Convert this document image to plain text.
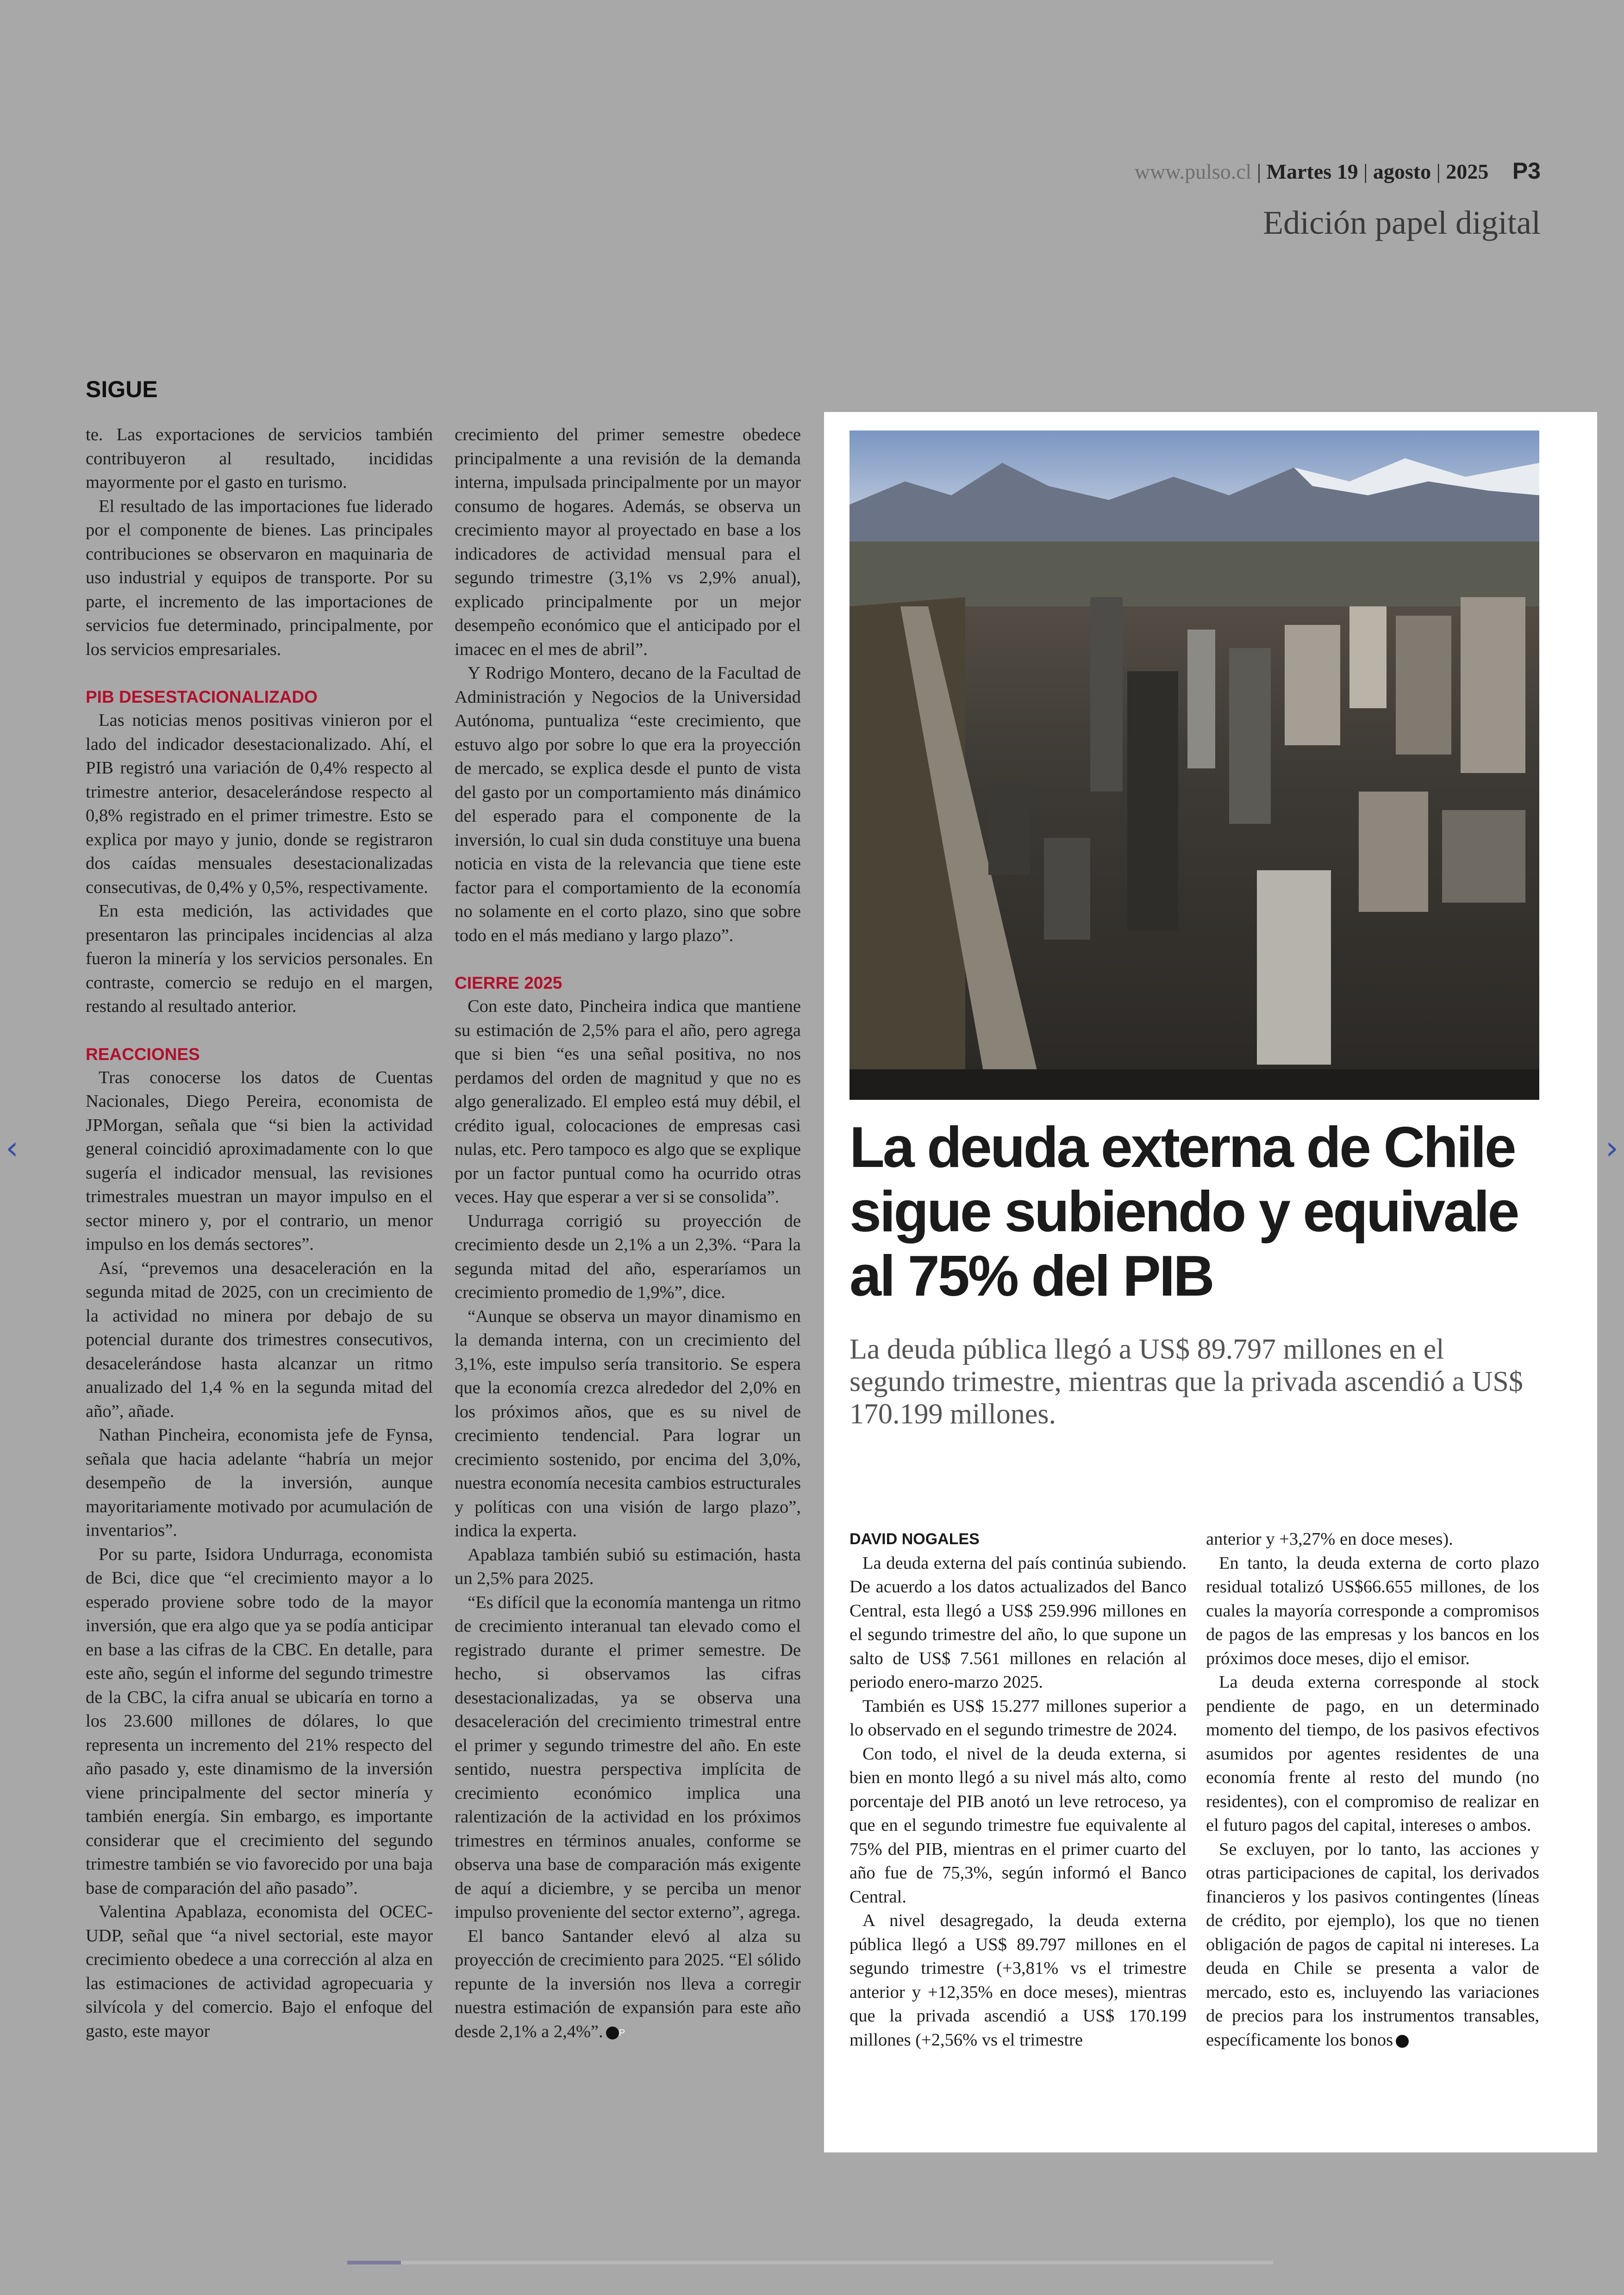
www.pulso.cl | Martes 19 | agosto | 2025 P3
Edición papel digital
SIGUE

te. Las exportaciones de servicios también contribuyeron al resultado, incididas mayormente por el gasto en turismo.

El resultado de las importaciones fue liderado por el componente de bienes. Las principales contribuciones se observaron en maquinaria de uso industrial y equipos de transporte. Por su parte, el incremento de las importaciones de servicios fue determinado, principalmente, por los servicios empresariales.

PIB DESESTACIONALIZADO

Las noticias menos positivas vinieron por el lado del indicador desestacionalizado. Ahí, el PIB registró una variación de 0,4% respecto al trimestre anterior, desacelerándose respecto al 0,8% registrado en el primer trimestre. Esto se explica por mayo y junio, donde se registraron dos caídas mensuales desestacionalizadas consecutivas, de 0,4% y 0,5%, respectivamente.

En esta medición, las actividades que presentaron las principales incidencias al alza fueron la minería y los servicios personales. En contraste, comercio se redujo en el margen, restando al resultado anterior.

REACCIONES

Tras conocerse los datos de Cuentas Nacionales, Diego Pereira, economista de JPMorgan, señala que “si bien la actividad general coincidió aproximadamente con lo que sugería el indicador mensual, las revisiones trimestrales muestran un mayor impulso en el sector minero y, por el contrario, un menor impulso en los demás sectores”.

Así, “prevemos una desaceleración en la segunda mitad de 2025, con un crecimiento de la actividad no minera por debajo de su potencial durante dos trimestres consecutivos, desacelerándose hasta alcanzar un ritmo anualizado del 1,4 % en la segunda mitad del año”, añade.

Nathan Pincheira, economista jefe de Fynsa, señala que hacia adelante “habría un mejor desempeño de la inversión, aunque mayoritariamente motivado por acumulación de inventarios”.

Por su parte, Isidora Undurraga, economista de Bci, dice que “el crecimiento mayor a lo esperado proviene sobre todo de la mayor inversión, que era algo que ya se podía anticipar en base a las cifras de la CBC. En detalle, para este año, según el informe del segundo trimestre de la CBC, la cifra anual se ubicaría en torno a los 23.600 millones de dólares, lo que representa un incremento del 21% respecto del año pasado y, este dinamismo de la inversión viene principalmente del sector minería y también energía. Sin embargo, es importante considerar que el crecimiento del segundo trimestre también se vio favorecido por una baja base de comparación del año pasado”.

Valentina Apablaza, economista del OCEC-UDP, señal que “a nivel sectorial, este mayor crecimiento obedece a una corrección al alza en las estimaciones de actividad agropecuaria y silvícola y del comercio. Bajo el enfoque del gasto, este mayor

crecimiento del primer semestre obedece principalmente a una revisión de la demanda interna, impulsada principalmente por un mayor consumo de hogares. Además, se observa un crecimiento mayor al proyectado en base a los indicadores de actividad mensual para el segundo trimestre (3,1% vs 2,9% anual), explicado principalmente por un mejor desempeño económico que el anticipado por el imacec en el mes de abril”.

Y Rodrigo Montero, decano de la Facultad de Administración y Negocios de la Universidad Autónoma, puntualiza “este crecimiento, que estuvo algo por sobre lo que era la proyección de mercado, se explica desde el punto de vista del gasto por un comportamiento más dinámico del esperado para el componente de la inversión, lo cual sin duda constituye una buena noticia en vista de la relevancia que tiene este factor para el comportamiento de la economía no solamente en el corto plazo, sino que sobre todo en el más mediano y largo plazo”.

CIERRE 2025

Con este dato, Pincheira indica que mantiene su estimación de 2,5% para el año, pero agrega que si bien “es una señal positiva, no nos perdamos del orden de magnitud y que no es algo generalizado. El empleo está muy débil, el crédito igual, colocaciones de empresas casi nulas, etc. Pero tampoco es algo que se explique por un factor puntual como ha ocurrido otras veces. Hay que esperar a ver si se consolida”.

Undurraga corrigió su proyección de crecimiento desde un 2,1% a un 2,3%. “Para la segunda mitad del año, esperaríamos un crecimiento promedio de 1,9%”, dice.

“Aunque se observa un mayor dinamismo en la demanda interna, con un crecimiento del 3,1%, este impulso sería transitorio. Se espera que la economía crezca alrededor del 2,0% en los próximos años, que es su nivel de crecimiento tendencial. Para lograr un crecimiento sostenido, por encima del 3,0%, nuestra economía necesita cambios estructurales y políticas con una visión de largo plazo”, indica la experta.

Apablaza también subió su estimación, hasta un 2,5% para 2025.

“Es difícil que la economía mantenga un ritmo de crecimiento interanual tan elevado como el registrado durante el primer semestre. De hecho, si observamos las cifras desestacionalizadas, ya se observa una desaceleración del crecimiento trimestral entre el primer y segundo trimestre del año. En este sentido, nuestra perspectiva implícita de crecimiento económico implica una ralentización de la actividad en los próximos trimestres en términos anuales, conforme se observa una base de comparación más exigente de aquí a diciembre, y se perciba un menor impulso proveniente del sector externo”, agrega.

El banco Santander elevó al alza su proyección de crecimiento para 2025. “El sólido repunte de la inversión nos lleva a corregir nuestra estimación de expansión para este año desde 2,1% a 2,4%”. P

La deuda externa de Chile sigue subiendo y equivale al 75% del PIB

La deuda pública llegó a US$ 89.797 millones en el segundo trimestre, mientras que la privada ascendió a US$ 170.199 millones.

DAVID NOGALES

La deuda externa del país continúa subiendo. De acuerdo a los datos actualizados del Banco Central, esta llegó a US$ 259.996 millones en el segundo trimestre del año, lo que supone un salto de US$ 7.561 millones en relación al periodo enero-marzo 2025.

También es US$ 15.277 millones superior a lo observado en el segundo trimestre de 2024.

Con todo, el nivel de la deuda externa, si bien en monto llegó a su nivel más alto, como porcentaje del PIB anotó un leve retroceso, ya que en el segundo trimestre fue equivalente al 75% del PIB, mientras en el primer cuarto del año fue de 75,3%, según informó el Banco Central.

A nivel desagregado, la deuda externa pública llegó a US$ 89.797 millones en el segundo trimestre (+3,81% vs el trimestre anterior y +12,35% en doce meses), mientras que la privada ascendió a US$ 170.199 millones (+2,56% vs el trimestre

anterior y +3,27% en doce meses).

En tanto, la deuda externa de corto plazo residual totalizó US$66.655 millones, de los cuales la mayoría corresponde a compromisos de pagos de las empresas y los bancos en los próximos doce meses, dijo el emisor.

La deuda externa corresponde al stock pendiente de pago, en un determinado momento del tiempo, de los pasivos efectivos asumidos por agentes residentes de una economía frente al resto del mundo (no residentes), con el compromiso de realizar en el futuro pagos del capital, intereses o ambos.

Se excluyen, por lo tanto, las acciones y otras participaciones de capital, los derivados financieros y los pasivos contingentes (líneas de crédito, por ejemplo), los que no tienen obligación de pagos de capital ni intereses. La deuda en Chile se presenta a valor de mercado, esto es, incluyendo las variaciones de precios para los instrumentos transables, específicamente los bonos P

‹	›
